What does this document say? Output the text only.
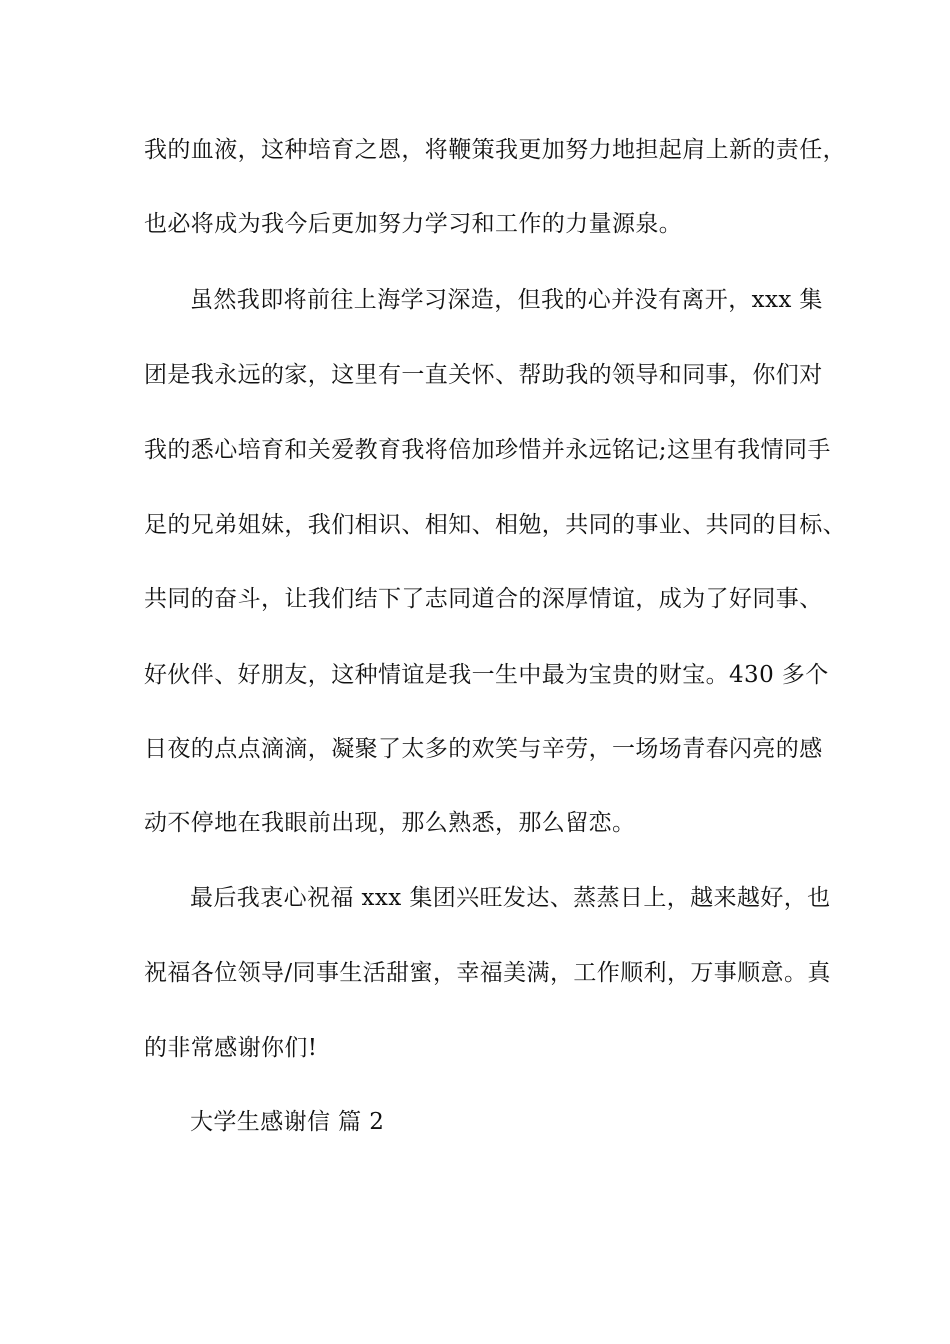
我的血液，这种培育之恩，将鞭策我更加努力地担起肩上新的责任，
也必将成为我今后更加努力学习和工作的力量源泉。
虽然我即将前往上海学习深造，但我的心并没有离开，xxx 集
团是我永远的家，这里有一直关怀、帮助我的领导和同事，你们对
我的悉心培育和关爱教育我将倍加珍惜并永远铭记;这里有我情同手
足的兄弟姐妹，我们相识、相知、相勉，共同的事业、共同的目标、
共同的奋斗，让我们结下了志同道合的深厚情谊，成为了好同事、
好伙伴、好朋友，这种情谊是我一生中最为宝贵的财宝。430 多个
日夜的点点滴滴，凝聚了太多的欢笑与辛劳，一场场青春闪亮的感
动不停地在我眼前出现，那么熟悉，那么留恋。
最后我衷心祝福 xxx 集团兴旺发达、蒸蒸日上，越来越好，也
祝福各位领导/同事生活甜蜜，幸福美满，工作顺利，万事顺意。真
的非常感谢你们!
大学生感谢信 篇 2
